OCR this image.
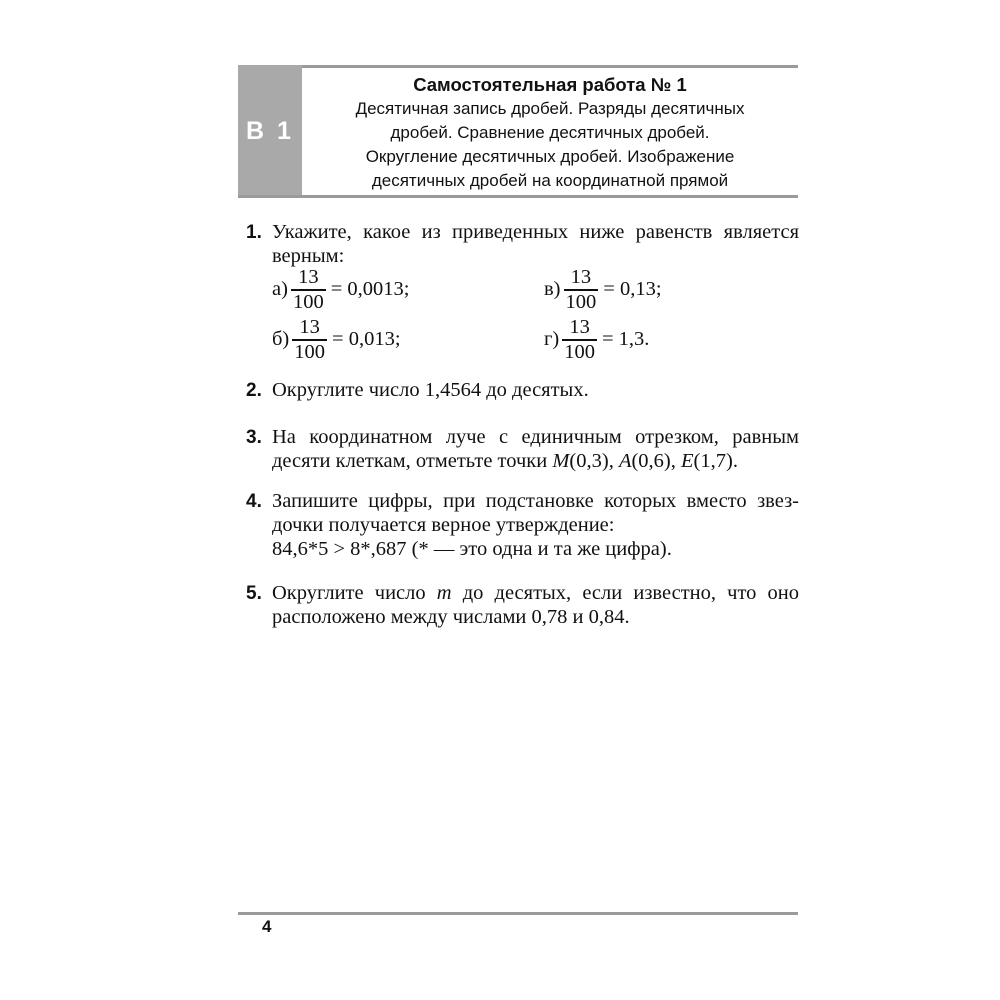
В 1
Самостоятельная работа № 1
Десятичная запись дробей. Разряды десятичных
дробей. Сравнение десятичных дробей.
Округление десятичных дробей. Изображение
десятичных дробей на координатной прямой
1. Укажите, какое из приведенных ниже равенств является
верным:
$а) \frac{13}{100} = 0,0013$;	$в) \frac{13}{100} = 0,13$;
$б) \frac{13}{100} = 0,013$;	$г) \frac{13}{100} = 1,3$.
2. Округлите число 1,4564 до десятых.
3. На координатном луче с единичным отрезком, равным
десяти клеткам, отметьте точки M(0,3), A(0,6), E(1,7).
4. Запишите цифры, при подстановке которых вместо звез-
дочки получается верное утверждение:
84,6*5 > 8*,687 (* — это одна и та же цифра).
5. Округлите число m до десятых, если известно, что оно
расположено между числами 0,78 и 0,84.
4
